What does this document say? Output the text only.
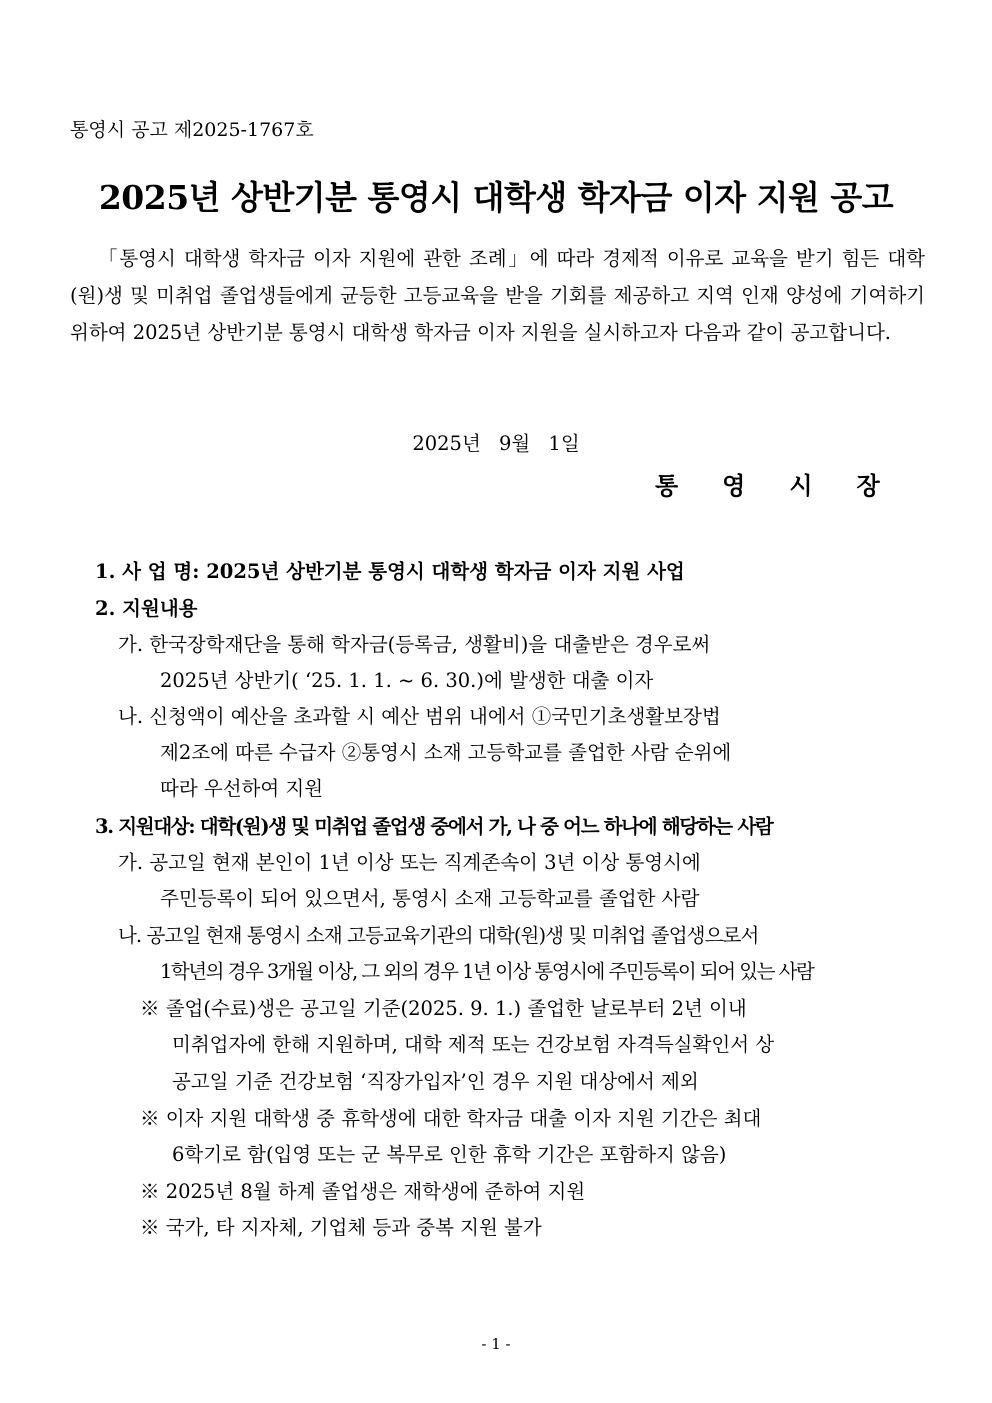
통영시 공고 제2025-1767호
2025년 상반기분 통영시 대학생 학자금 이자 지원 공고

「통영시 대학생 학자금 이자 지원에 관한 조례」에 따라 경제적 이유로 교육을 받기 힘든 대학(원)생 및 미취업 졸업생들에게 균등한 고등교육을 받을 기회를 제공하고 지역 인재 양성에 기여하기 위하여 2025년 상반기분 통영시 대학생 학자금 이자 지원을 실시하고자 다음과 같이 공고합니다.

2025년 9월 1일
통영시장
1. 사 업 명: 2025년 상반기분 통영시 대학생 학자금 이자 지원 사업
2. 지원내용
가. 한국장학재단을 통해 학자금(등록금, 생활비)을 대출받은 경우로써
2025년 상반기( ‘25. 1. 1. ~ 6. 30.)에 발생한 대출 이자
나. 신청액이 예산을 초과할 시 예산 범위 내에서 ①국민기초생활보장법
제2조에 따른 수급자 ②통영시 소재 고등학교를 졸업한 사람 순위에
따라 우선하여 지원
3. 지원대상: 대학(원)생 및 미취업 졸업생 중에서 가, 나 중 어느 하나에 해당하는 사람
가. 공고일 현재 본인이 1년 이상 또는 직계존속이 3년 이상 통영시에
주민등록이 되어 있으면서, 통영시 소재 고등학교를 졸업한 사람
나. 공고일 현재 통영시 소재 고등교육기관의 대학(원)생 및 미취업 졸업생으로서
1학년의 경우 3개월 이상, 그 외의 경우 1년 이상 통영시에 주민등록이 되어 있는 사람
※ 졸업(수료)생은 공고일 기준(2025. 9. 1.) 졸업한 날로부터 2년 이내
미취업자에 한해 지원하며, 대학 제적 또는 건강보험 자격득실확인서 상
공고일 기준 건강보험 ‘직장가입자’인 경우 지원 대상에서 제외
※ 이자 지원 대학생 중 휴학생에 대한 학자금 대출 이자 지원 기간은 최대
6학기로 함(입영 또는 군 복무로 인한 휴학 기간은 포함하지 않음)
※ 2025년 8월 하계 졸업생은 재학생에 준하여 지원
※ 국가, 타 지자체, 기업체 등과 중복 지원 불가
- 1 -
